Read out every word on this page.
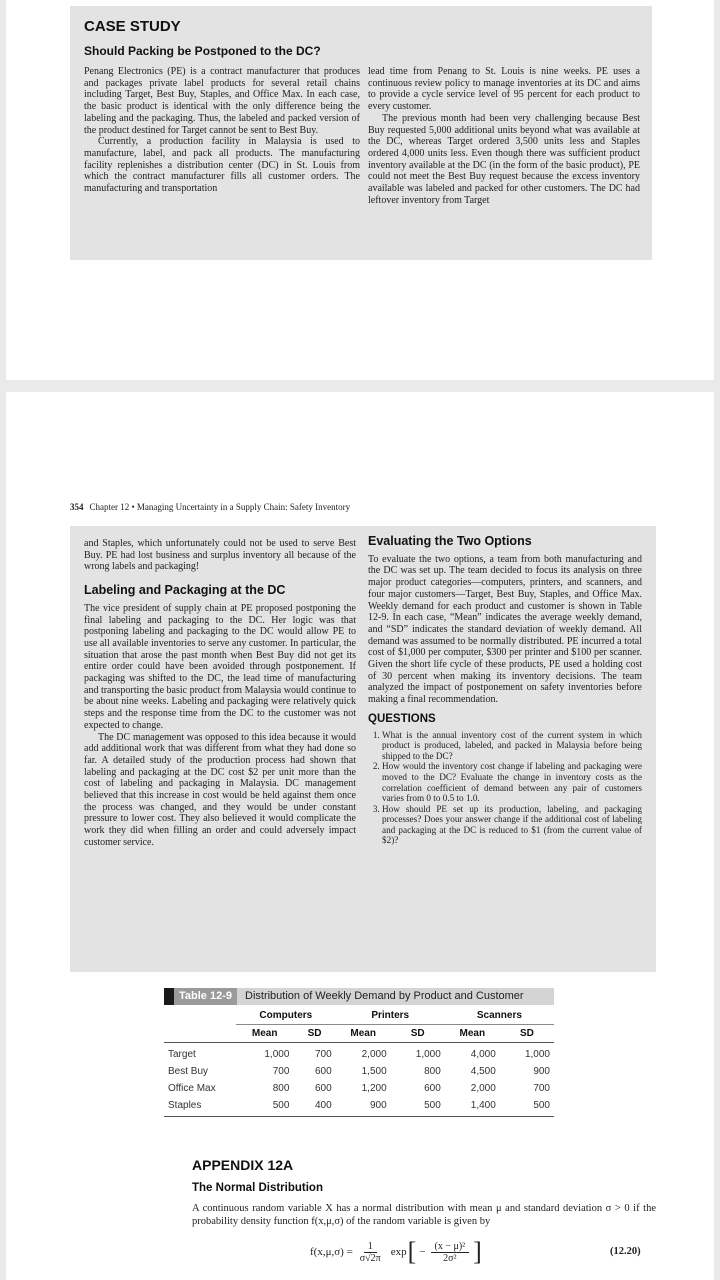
CASE STUDY
Should Packing be Postponed to the DC?

Penang Electronics (PE) is a contract manufacturer that produces and packages private label products for several retail chains including Target, Best Buy, Staples, and Office Max. In each case, the basic product is identical with the only difference being the labeling and the packaging. Thus, the labeled and packed version of the product destined for Target cannot be sent to Best Buy.

Currently, a production facility in Malaysia is used to manufacture, label, and pack all products. The manufacturing facility replenishes a distribution center (DC) in St. Louis from which the contract manufacturer fills all customer orders. The manufacturing and transportation

lead time from Penang to St. Louis is nine weeks. PE uses a continuous review policy to manage inventories at its DC and aims to provide a cycle service level of 95 percent for each product to every customer.

The previous month had been very challenging because Best Buy requested 5,000 additional units beyond what was available at the DC, whereas Target ordered 3,500 units less and Staples ordered 4,000 units less. Even though there was sufficient product inventory available at the DC (in the form of the basic product), PE could not meet the Best Buy request because the excess inventory available was labeled and packed for other customers. The DC had leftover inventory from Target

354 Chapter 12 • Managing Uncertainty in a Supply Chain: Safety Inventory

and Staples, which unfortunately could not be used to serve Best Buy. PE had lost business and surplus inventory all because of the wrong labels and packaging!

Labeling and Packaging at the DC

The vice president of supply chain at PE proposed postponing the final labeling and packaging to the DC. Her logic was that postponing labeling and packaging to the DC would allow PE to use all available inventories to serve any customer. In particular, the situation that arose the past month when Best Buy did not get its entire order could have been avoided through postponement. If packaging was shifted to the DC, the lead time of manufacturing and transporting the basic product from Malaysia would continue to be about nine weeks. Labeling and packaging were relatively quick steps and the response time from the DC to the customer was not expected to change.

The DC management was opposed to this idea because it would add additional work that was different from what they had done so far. A detailed study of the production process had shown that labeling and packaging at the DC cost $2 per unit more than the cost of labeling and packaging in Malaysia. DC management believed that this increase in cost would be held against them once the process was changed, and they would be under constant pressure to lower cost. They also believed it would complicate the work they did when filling an order and could adversely impact customer service.

Evaluating the Two Options

To evaluate the two options, a team from both manufacturing and the DC was set up. The team decided to focus its analysis on three major product categories—computers, printers, and scanners, and four major customers—Target, Best Buy, Staples, and Office Max. Weekly demand for each product and customer is shown in Table 12-9. In each case, “Mean” indicates the average weekly demand, and “SD” indicates the standard deviation of weekly demand. All demand was assumed to be normally distributed. PE incurred a total cost of $1,000 per computer, $300 per printer and $100 per scanner. Given the short life cycle of these products, PE used a holding cost of 30 percent when making its inventory decisions. The team analyzed the impact of postponement on safety inventories before making a final recommendation.

QUESTIONS
1. What is the annual inventory cost of the current system in which product is produced, labeled, and packed in Malaysia before being shipped to the DC?
2. How would the inventory cost change if labeling and packaging were moved to the DC? Evaluate the change in inventory costs as the correlation coefficient of demand between any pair of customers varies from 0 to 0.5 to 1.0.
3. How should PE set up its production, labeling, and packaging processes? Does your answer change if the additional cost of labeling and packaging at the DC is reduced to $1 (from the current value of $2)?
Table 12-9	Distribution of Weekly Demand by Product and Customer
	Computers		Printers		Scanners	
	Mean	SD	Mean	SD	Mean	SD
Target	1,000	700	2,000	1,000	4,000	1,000
Best Buy	700	600	1,500	800	4,500	900
Office Max	800	600	1,200	600	2,000	700
Staples	500	400	900	500	1,400	500
APPENDIX 12A
The Normal Distribution
A continuous random variable X has a normal distribution with mean μ and standard deviation σ > 0 if the probability density function f(x,μ,σ) of the random variable is given by
$f(x,\mu,\sigma) = \frac{1}{\sigma√2\pi}$ exp [ − $\frac{\text{(x − μ)²}}{\text{2σ²}}$ ]	(12.20)
